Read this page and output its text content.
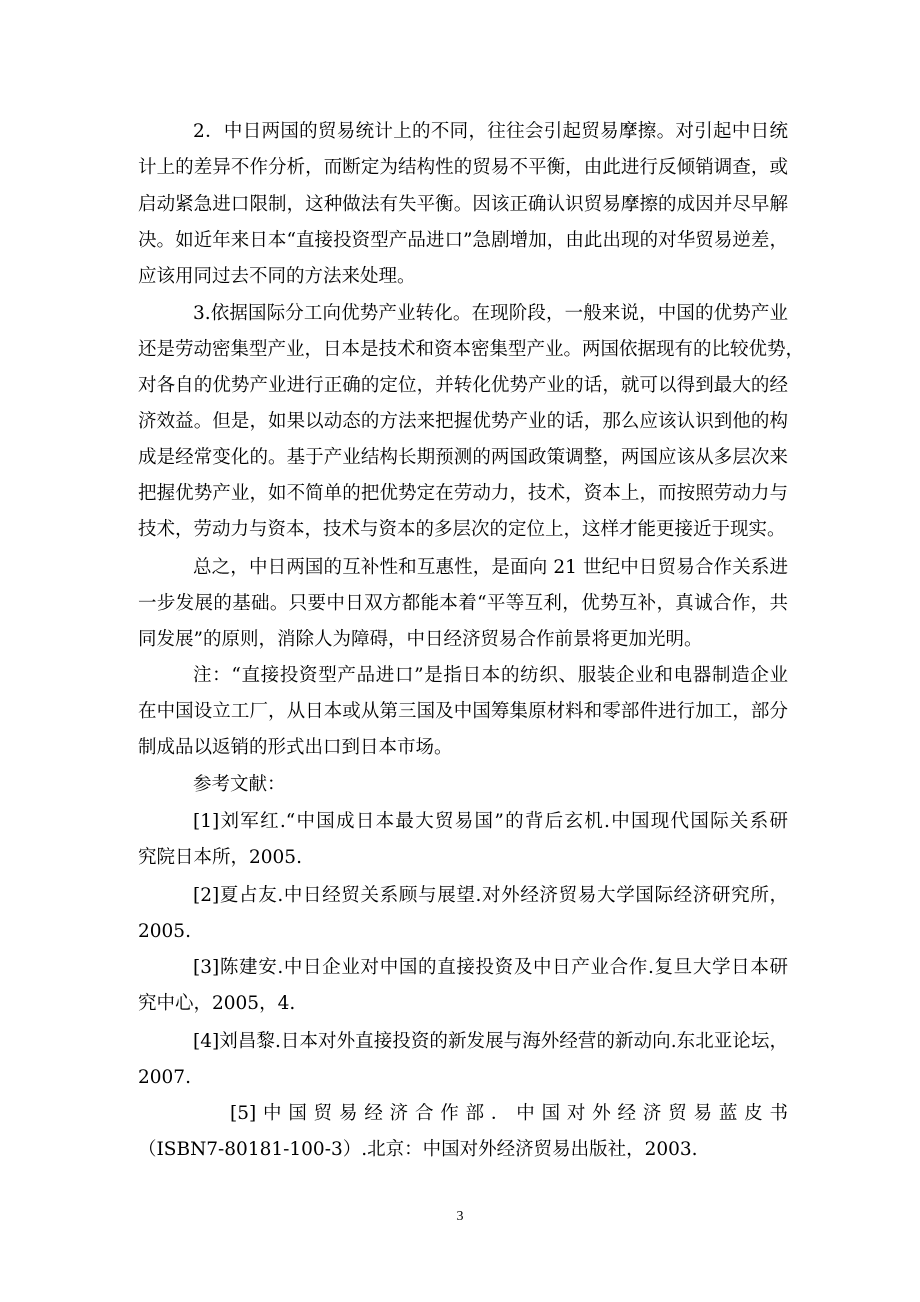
2．中日两国的贸易统计上的不同，往往会引起贸易摩擦。对引起中日统
计上的差异不作分析，而断定为结构性的贸易不平衡，由此进行反倾销调查，或
启动紧急进口限制，这种做法有失平衡。因该正确认识贸易摩擦的成因并尽早解
决。如近年来日本“直接投资型产品进口”急剧增加，由此出现的对华贸易逆差，
应该用同过去不同的方法来处理。
3.依据国际分工向优势产业转化。在现阶段，一般来说，中国的优势产业
还是劳动密集型产业，日本是技术和资本密集型产业。两国依据现有的比较优势，
对各自的优势产业进行正确的定位，并转化优势产业的话，就可以得到最大的经
济效益。但是，如果以动态的方法来把握优势产业的话，那么应该认识到他的构
成是经常变化的。基于产业结构长期预测的两国政策调整，两国应该从多层次来
把握优势产业，如不简单的把优势定在劳动力，技术，资本上，而按照劳动力与
技术，劳动力与资本，技术与资本的多层次的定位上，这样才能更接近于现实。
总之，中日两国的互补性和互惠性，是面向 21 世纪中日贸易合作关系进
一步发展的基础。只要中日双方都能本着“平等互利，优势互补，真诚合作，共
同发展”的原则，消除人为障碍，中日经济贸易合作前景将更加光明。
注：“直接投资型产品进口”是指日本的纺织、服装企业和电器制造企业
在中国设立工厂，从日本或从第三国及中国筹集原材料和零部件进行加工，部分
制成品以返销的形式出口到日本市场。
参考文献：
[1]刘军红.“中国成日本最大贸易国”的背后玄机.中国现代国际关系研
究院日本所，2005.
[2]夏占友.中日经贸关系顾与展望.对外经济贸易大学国际经济研究所，
2005.
[3]陈建安.中日企业对中国的直接投资及中日产业合作.复旦大学日本研
究中心，2005，4.
[4]刘昌黎.日本对外直接投资的新发展与海外经营的新动向.东北亚论坛，
2007.
[5]中国贸易经济合作部．中国对外经济贸易蓝皮书
（ISBN7-80181-100-3）.北京：中国对外经济贸易出版社，2003.
3
